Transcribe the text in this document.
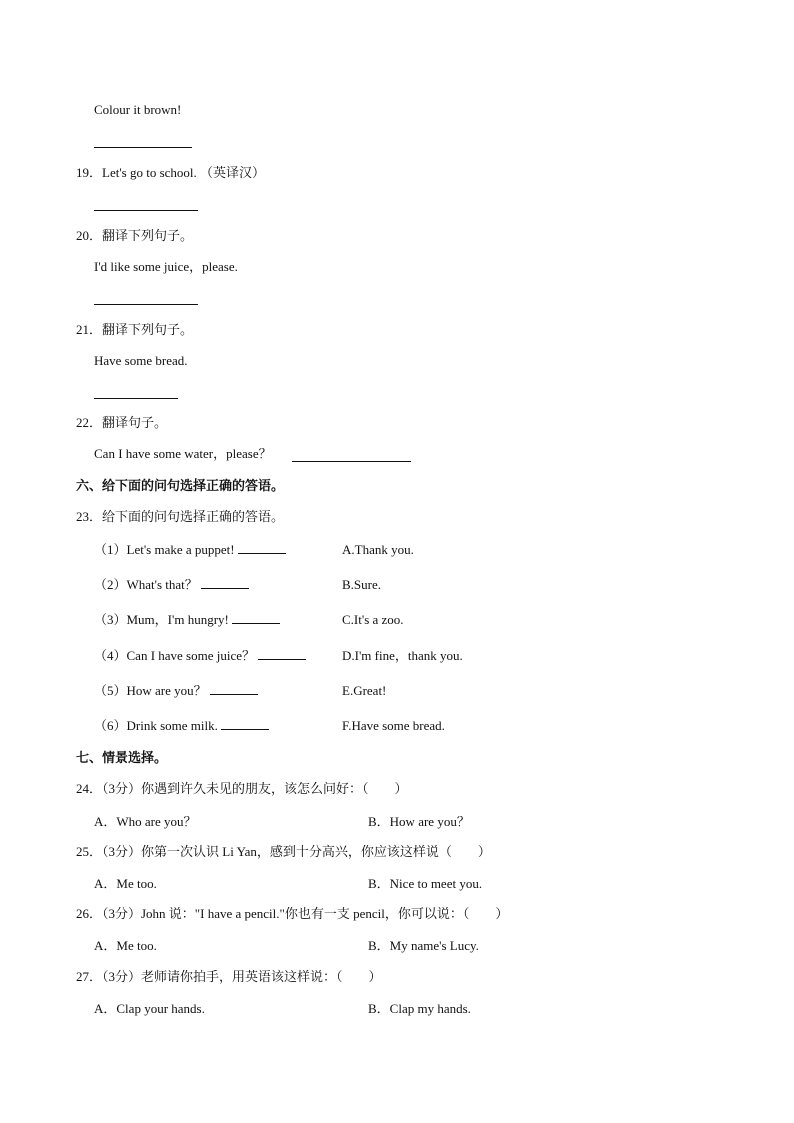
Colour it brown!
19．Let's go to school. （英译汉）
20．翻译下列句子。
I'd like some juice，please.
21．翻译下列句子。
Have some bread.
22．翻译句子。
Can I have some water，please？
六、给下面的问句选择正确的答语。
23．给下面的问句选择正确的答语。
（1）Let's make a puppet!	A.Thank you.
（2）What's that？	B.Sure.
（3）Mum，I'm hungry!	C.It's a zoo.
（4）Can I have some juice？	D.I'm fine，thank you.
（5）How are you？	E.Great!
（6）Drink some milk.	F.Have some bread.
七、情景选择。
24．（3分）你遇到许久未见的朋友，该怎么问好：（　　）
A．Who are you？	B．How are you？
25．（3分）你第一次认识 Li Yan，感到十分高兴，你应该这样说（　　）
A．Me too.	B．Nice to meet you.
26．（3分）John 说："I have a pencil."你也有一支 pencil，你可以说：（　　）
A．Me too.	B．My name's Lucy.
27．（3分）老师请你拍手，用英语该这样说：（　　）
A．Clap your hands.	B．Clap my hands.
